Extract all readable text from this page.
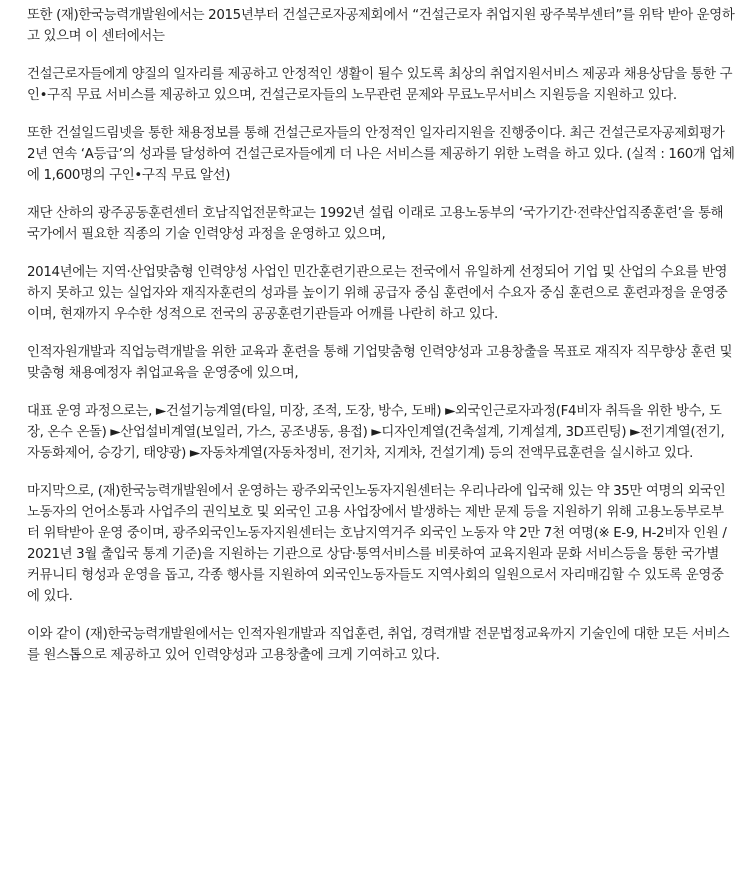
또한 (재)한국능력개발원에서는 2015년부터 건설근로자공제회에서 “건설근로자 취업지원 광주북부센터”를 위탁 받아 운영하고 있으며 이 센터에서는

건설근로자들에게 양질의 일자리를 제공하고 안정적인 생활이 될수 있도록 최상의 취업지원서비스 제공과 채용상담을 통한 구인•구직 무료 서비스를 제공하고 있으며, 건설근로자들의 노무관련 문제와 무료노무서비스 지원등을 지원하고 있다.

또한 건설일드림넷을 통한 채용정보를 통해 건설근로자들의 안정적인 일자리지원을 진행중이다. 최근 건설근로자공제회평가 2년 연속 ‘A등급’의 성과를 달성하여 건설근로자들에게 더 나은 서비스를 제공하기 위한 노력을 하고 있다. (실적 : 160개 업체에 1,600명의 구인•구직 무료 알선)

재단 산하의 광주공동훈련센터 호남직업전문학교는 1992년 설립 이래로 고용노동부의 ‘국가기간·전략산업직종훈련’을 통해 국가에서 필요한 직종의 기술 인력양성 과정을 운영하고 있으며,

2014년에는 지역·산업맞춤형 인력양성 사업인 민간훈련기관으로는 전국에서 유일하게 선정되어 기업 및 산업의 수요를 반영하지 못하고 있는 실업자와 재직자훈련의 성과를 높이기 위해 공급자 중심 훈련에서 수요자 중심 훈련으로 훈련과정을 운영중이며, 현재까지 우수한 성적으로 전국의 공공훈련기관들과 어깨를 나란히 하고 있다.

인적자원개발과 직업능력개발을 위한 교육과 훈련을 통해 기업맞춤형 인력양성과 고용창출을 목표로 재직자 직무향상 훈련 및 맞춤형 채용예정자 취업교육을 운영중에 있으며,

대표 운영 과정으로는, ►건설기능계열(타일, 미장, 조적, 도장, 방수, 도배) ►외국인근로자과정(F4비자 취득을 위한 방수, 도장, 온수 온돌) ►산업설비계열(보일러, 가스, 공조냉동, 용접) ►디자인계열(건축설계, 기계설계, 3D프린팅) ►전기계열(전기, 자동화제어, 승강기, 태양광) ►자동차계열(자동차정비, 전기차, 지게차, 건설기계) 등의 전액무료훈련을 실시하고 있다.

마지막으로, (재)한국능력개발원에서 운영하는 광주외국인노동자지원센터는 우리나라에 입국해 있는 약 35만 여명의 외국인 노동자의 언어소통과 사업주의 권익보호 및 외국인 고용 사업장에서 발생하는 제반 문제 등을 지원하기 위해 고용노동부로부터 위탁받아 운영 중이며, 광주외국인노동자지원센터는 호남지역거주 외국인 노동자 약 2만 7천 여명(※ E-9, H-2비자 인원 / 2021년 3월 출입국 통계 기준)을 지원하는 기관으로 상담·통역서비스를 비롯하여 교육지원과 문화 서비스등을 통한 국가별 커뮤니티 형성과 운영을 돕고, 각종 행사를 지원하여 외국인노동자들도 지역사회의 일원으로서 자리매김할 수 있도록 운영중에 있다.

이와 같이 (재)한국능력개발원에서는 인적자원개발과 직업훈련, 취업, 경력개발 전문법정교육까지 기술인에 대한 모든 서비스를 원스톱으로 제공하고 있어 인력양성과 고용창출에 크게 기여하고 있다.
